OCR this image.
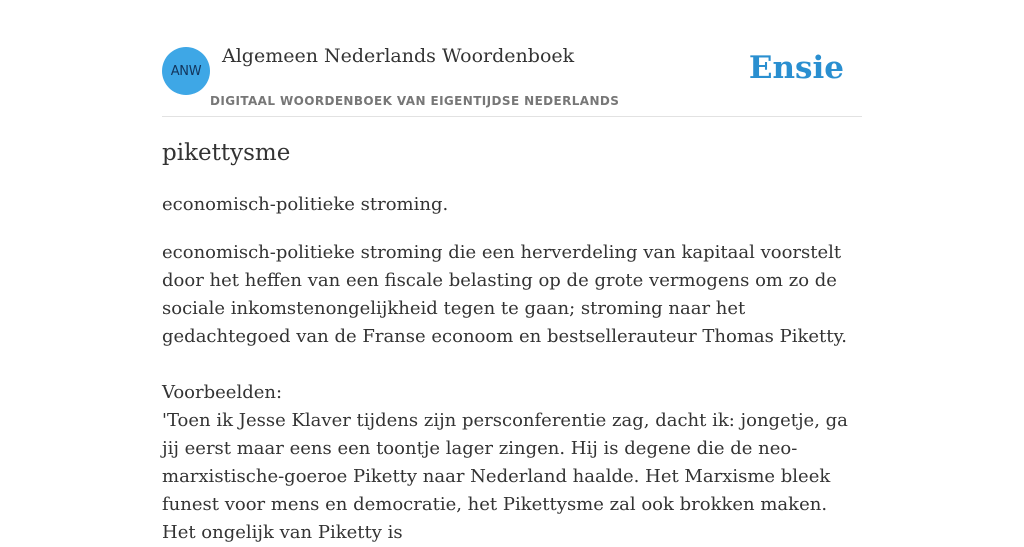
ANW
Algemeen Nederlands Woordenboek
DIGITAAL WOORDENBOEK VAN EIGENTIJDSE NEDERLANDS
Ensie
pikettysme
economisch-politieke stroming.

economisch-politieke stroming die een herverdeling van kapitaal voorstelt door het heffen van een fiscale belasting op de grote vermogens om zo de sociale inkomstenongelijkheid tegen te gaan; stroming naar het gedachtegoed van de Franse econoom en bestsellerauteur Thomas Piketty.

Voorbeelden:

'Toen ik Jesse Klaver tijdens zijn persconferentie zag, dacht ik: jongetje, ga jij eerst maar eens een toontje lager zingen. Hij is degene die de neo-marxistische-goeroe Piketty naar Nederland haalde. Het Marxisme bleek funest voor mens en democratie, het Pikettysme zal ook brokken maken. Het ongelijk van Piketty is
